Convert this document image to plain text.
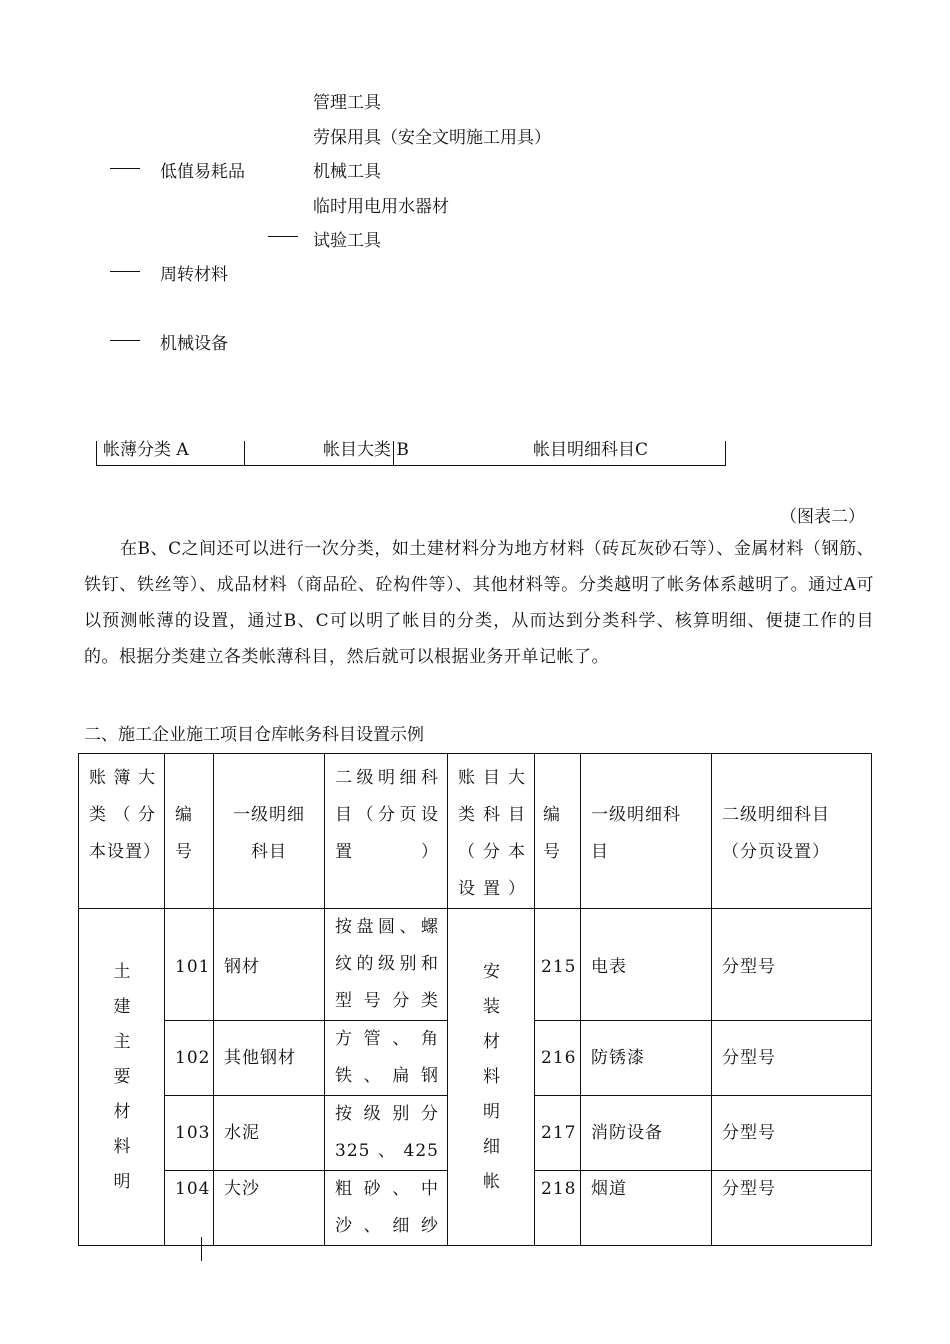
管理工具
劳保用具（安全文明施工用具）
低值易耗品	机械工具
临时用电用水器材
试验工具
周转材料
机械设备
帐薄分类 A	帐目大类 B	帐目明细科目C
（图表二）
在B、C之间还可以进行一次分类，如土建材料分为地方材料（砖瓦灰砂石等）、金属材料（钢筋、铁钉、铁丝等）、成品材料（商品砼、砼构件等）、其他材料等。分类越明了帐务体系越明了。通过A可以预测帐薄的设置，通过B、C可以明了帐目的分类，从而达到分类科学、核算明细、便捷工作的目的。根据分类建立各类帐薄科目，然后就可以根据业务开单记帐了。
二、施工企业施工项目仓库帐务科目设置示例
账簿大类（分本设置）	编号	一级明细科目	二级明细科目（分页设置）	账目大类科目（分本设置）	编号	一级明细科目	二级明细科目（分页设置）

土建主要材料明	101	钢材	按盘圆、螺纹的级别和型号分类	安装材料明细帐	215	电表	分型号
	102	其他钢材	方管、角铁、扁钢		216	防锈漆	分型号
	103	水泥	按级别分325、425		217	消防设备	分型号
	104	大沙	粗砂、中沙、细纱		218	烟道	分型号
